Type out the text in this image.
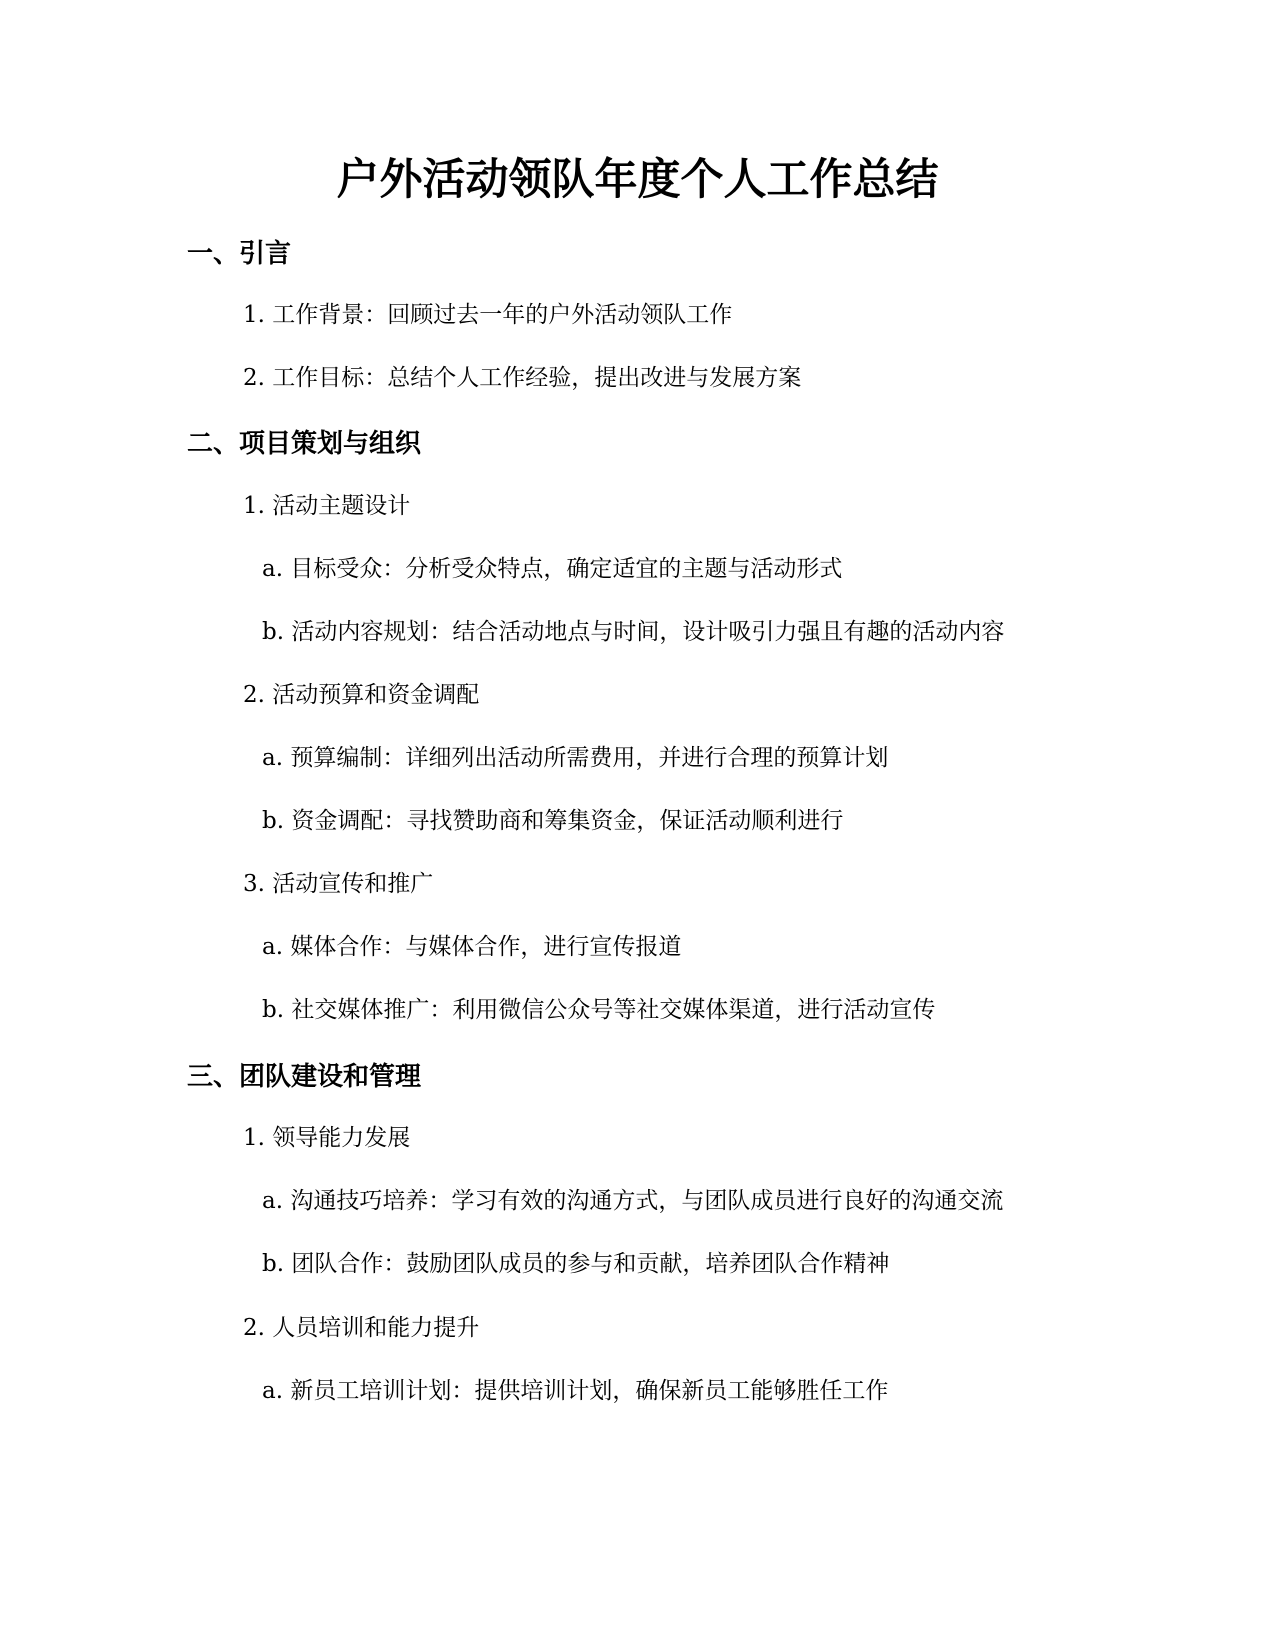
户外活动领队年度个人工作总结
一、引言

1. 工作背景：回顾过去一年的户外活动领队工作

2. 工作目标：总结个人工作经验，提出改进与发展方案

二、项目策划与组织

1. 活动主题设计

a. 目标受众：分析受众特点，确定适宜的主题与活动形式

b. 活动内容规划：结合活动地点与时间，设计吸引力强且有趣的活动内容

2. 活动预算和资金调配

a. 预算编制：详细列出活动所需费用，并进行合理的预算计划

b. 资金调配：寻找赞助商和筹集资金，保证活动顺利进行

3. 活动宣传和推广

a. 媒体合作：与媒体合作，进行宣传报道

b. 社交媒体推广：利用微信公众号等社交媒体渠道，进行活动宣传

三、团队建设和管理

1. 领导能力发展

a. 沟通技巧培养：学习有效的沟通方式，与团队成员进行良好的沟通交流

b. 团队合作：鼓励团队成员的参与和贡献，培养团队合作精神

2. 人员培训和能力提升

a. 新员工培训计划：提供培训计划，确保新员工能够胜任工作
